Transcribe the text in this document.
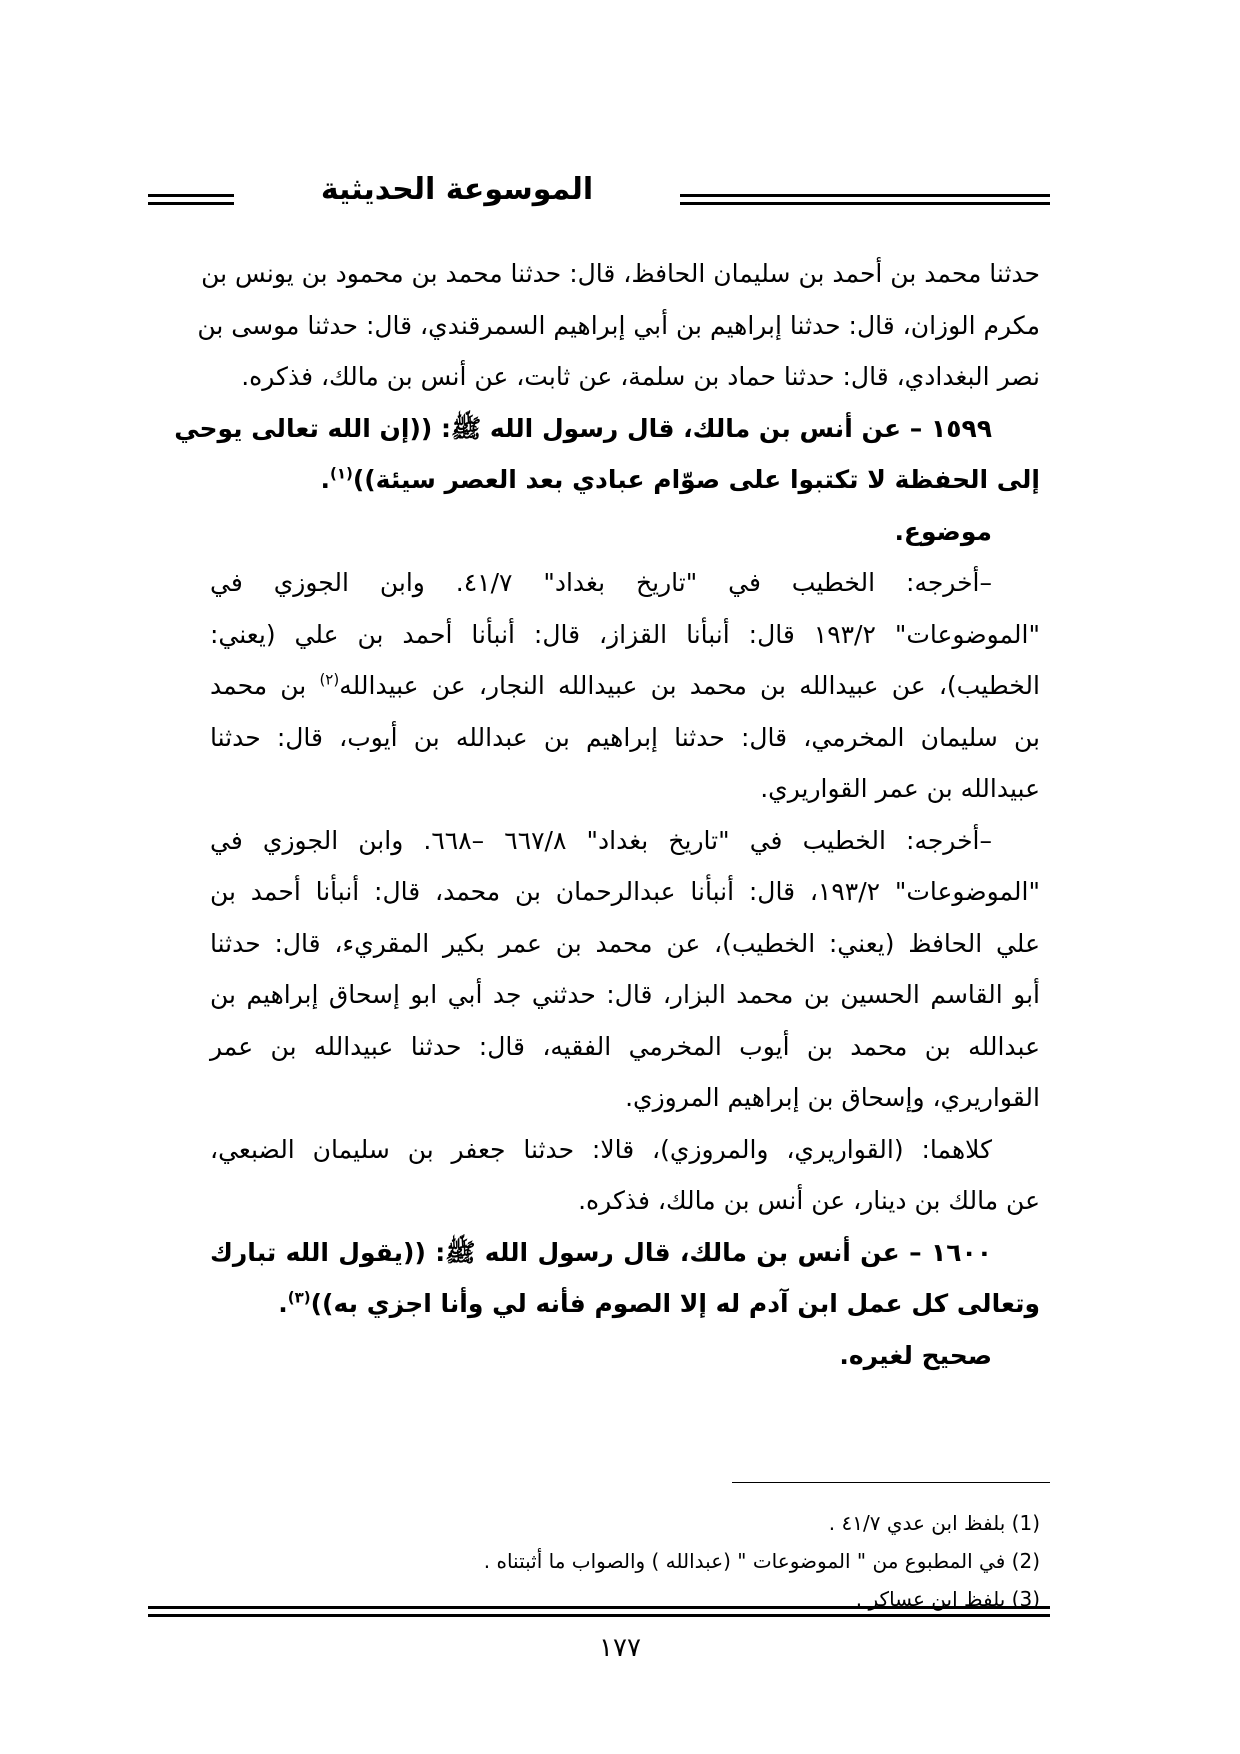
الموسوعة الحديثية
حدثنا محمد بن أحمد بن سليمان الحافظ، قال: حدثنا محمد بن محمود بن يونس بن
مكرم الوزان، قال: حدثنا إبراهيم بن أبي إبراهيم السمرقندي، قال: حدثنا موسى بن
نصر البغدادي، قال: حدثنا حماد بن سلمة، عن ثابت، عن أنس بن مالك، فذكره.
١٥٩٩ – عن أنس بن مالك، قال رسول الله ﷺ: ((إن الله تعالى يوحي
إلى الحفظة لا تكتبوا على صوّام عبادي بعد العصر سيئة))$^{(١)}$.
موضوع.
–أخرجه: الخطيب في "تاريخ بغداد" ٤١/٧. وابن الجوزي في
"الموضوعات" ١٩٣/٢ قال: أنبأنا القزاز، قال: أنبأنا أحمد بن علي (يعني:
الخطيب)، عن عبيدالله بن محمد بن عبيدالله النجار، عن عبيدالله$^{(٢)}$ بن محمد
بن سليمان المخرمي، قال: حدثنا إبراهيم بن عبدالله بن أيوب، قال: حدثنا
عبيدالله بن عمر القواريري.
–أخرجه: الخطيب في "تاريخ بغداد" ٦٦٧/٨ –٦٦٨. وابن الجوزي في
"الموضوعات" ١٩٣/٢، قال: أنبأنا عبدالرحمان بن محمد، قال: أنبأنا أحمد بن
علي الحافظ (يعني: الخطيب)، عن محمد بن عمر بكير المقريء، قال: حدثنا
أبو القاسم الحسين بن محمد البزار، قال: حدثني جد أبي ابو إسحاق إبراهيم بن
عبدالله بن محمد بن أيوب المخرمي الفقيه، قال: حدثنا عبيدالله بن عمر
القواريري، وإسحاق بن إبراهيم المروزي.
كلاهما: (القواريري، والمروزي)، قالا: حدثنا جعفر بن سليمان الضبعي،
عن مالك بن دينار، عن أنس بن مالك، فذكره.
١٦٠٠ – عن أنس بن مالك، قال رسول الله ﷺ: ((يقول الله تبارك
وتعالى كل عمل ابن آدم له إلا الصوم فأنه لي وأنا اجزي به))$^{(٣)}$.
صحيح لغيره.
(1) بلفظ ابن عدي ٤١/٧ .
(2) في المطبوع من " الموضوعات " (عبدالله ) والصواب ما أثبتناه .
(3) بلفظ ابن عساكر .
١٧٧
